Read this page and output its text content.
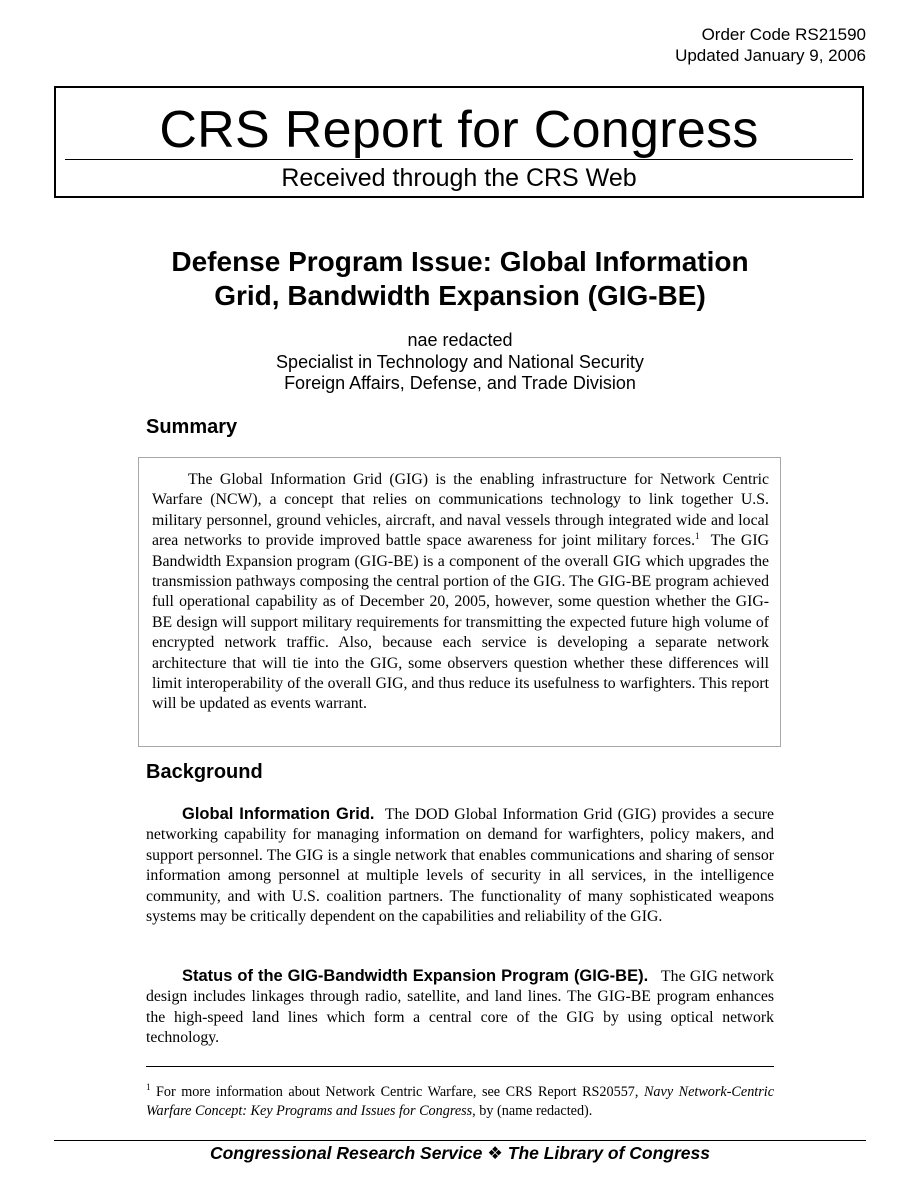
Order Code RS21590
Updated January 9, 2006
CRS Report for Congress
Received through the CRS Web
Defense Program Issue: Global Information
Grid, Bandwidth Expansion (GIG-BE)
nae redacted
Specialist in Technology and National Security
Foreign Affairs, Defense, and Trade Division
Summary

The Global Information Grid (GIG) is the enabling infrastructure for Network Centric Warfare (NCW), a concept that relies on communications technology to link together U.S. military personnel, ground vehicles, aircraft, and naval vessels through integrated wide and local area networks to provide improved battle space awareness for joint military forces.$^1$ The GIG Bandwidth Expansion program (GIG-BE) is a component of the overall GIG which upgrades the transmission pathways composing the central portion of the GIG. The GIG-BE program achieved full operational capability as of December 20, 2005, however, some question whether the GIG-BE design will support military requirements for transmitting the expected future high volume of encrypted network traffic. Also, because each service is developing a separate network architecture that will tie into the GIG, some observers question whether these differences will limit interoperability of the overall GIG, and thus reduce its usefulness to warfighters. This report will be updated as events warrant.

Background

Global Information Grid. The DOD Global Information Grid (GIG) provides a secure networking capability for managing information on demand for warfighters, policy makers, and support personnel. The GIG is a single network that enables communications and sharing of sensor information among personnel at multiple levels of security in all services, in the intelligence community, and with U.S. coalition partners. The functionality of many sophisticated weapons systems may be critically dependent on the capabilities and reliability of the GIG.

Status of the GIG-Bandwidth Expansion Program (GIG-BE). The GIG network design includes linkages through radio, satellite, and land lines. The GIG-BE program enhances the high-speed land lines which form a central core of the GIG by using optical network technology.

$^1$ For more information about Network Centric Warfare, see CRS Report RS20557, Navy Network-Centric Warfare Concept: Key Programs and Issues for Congress, by (name redacted).

Congressional Research Service ❖ The Library of Congress
